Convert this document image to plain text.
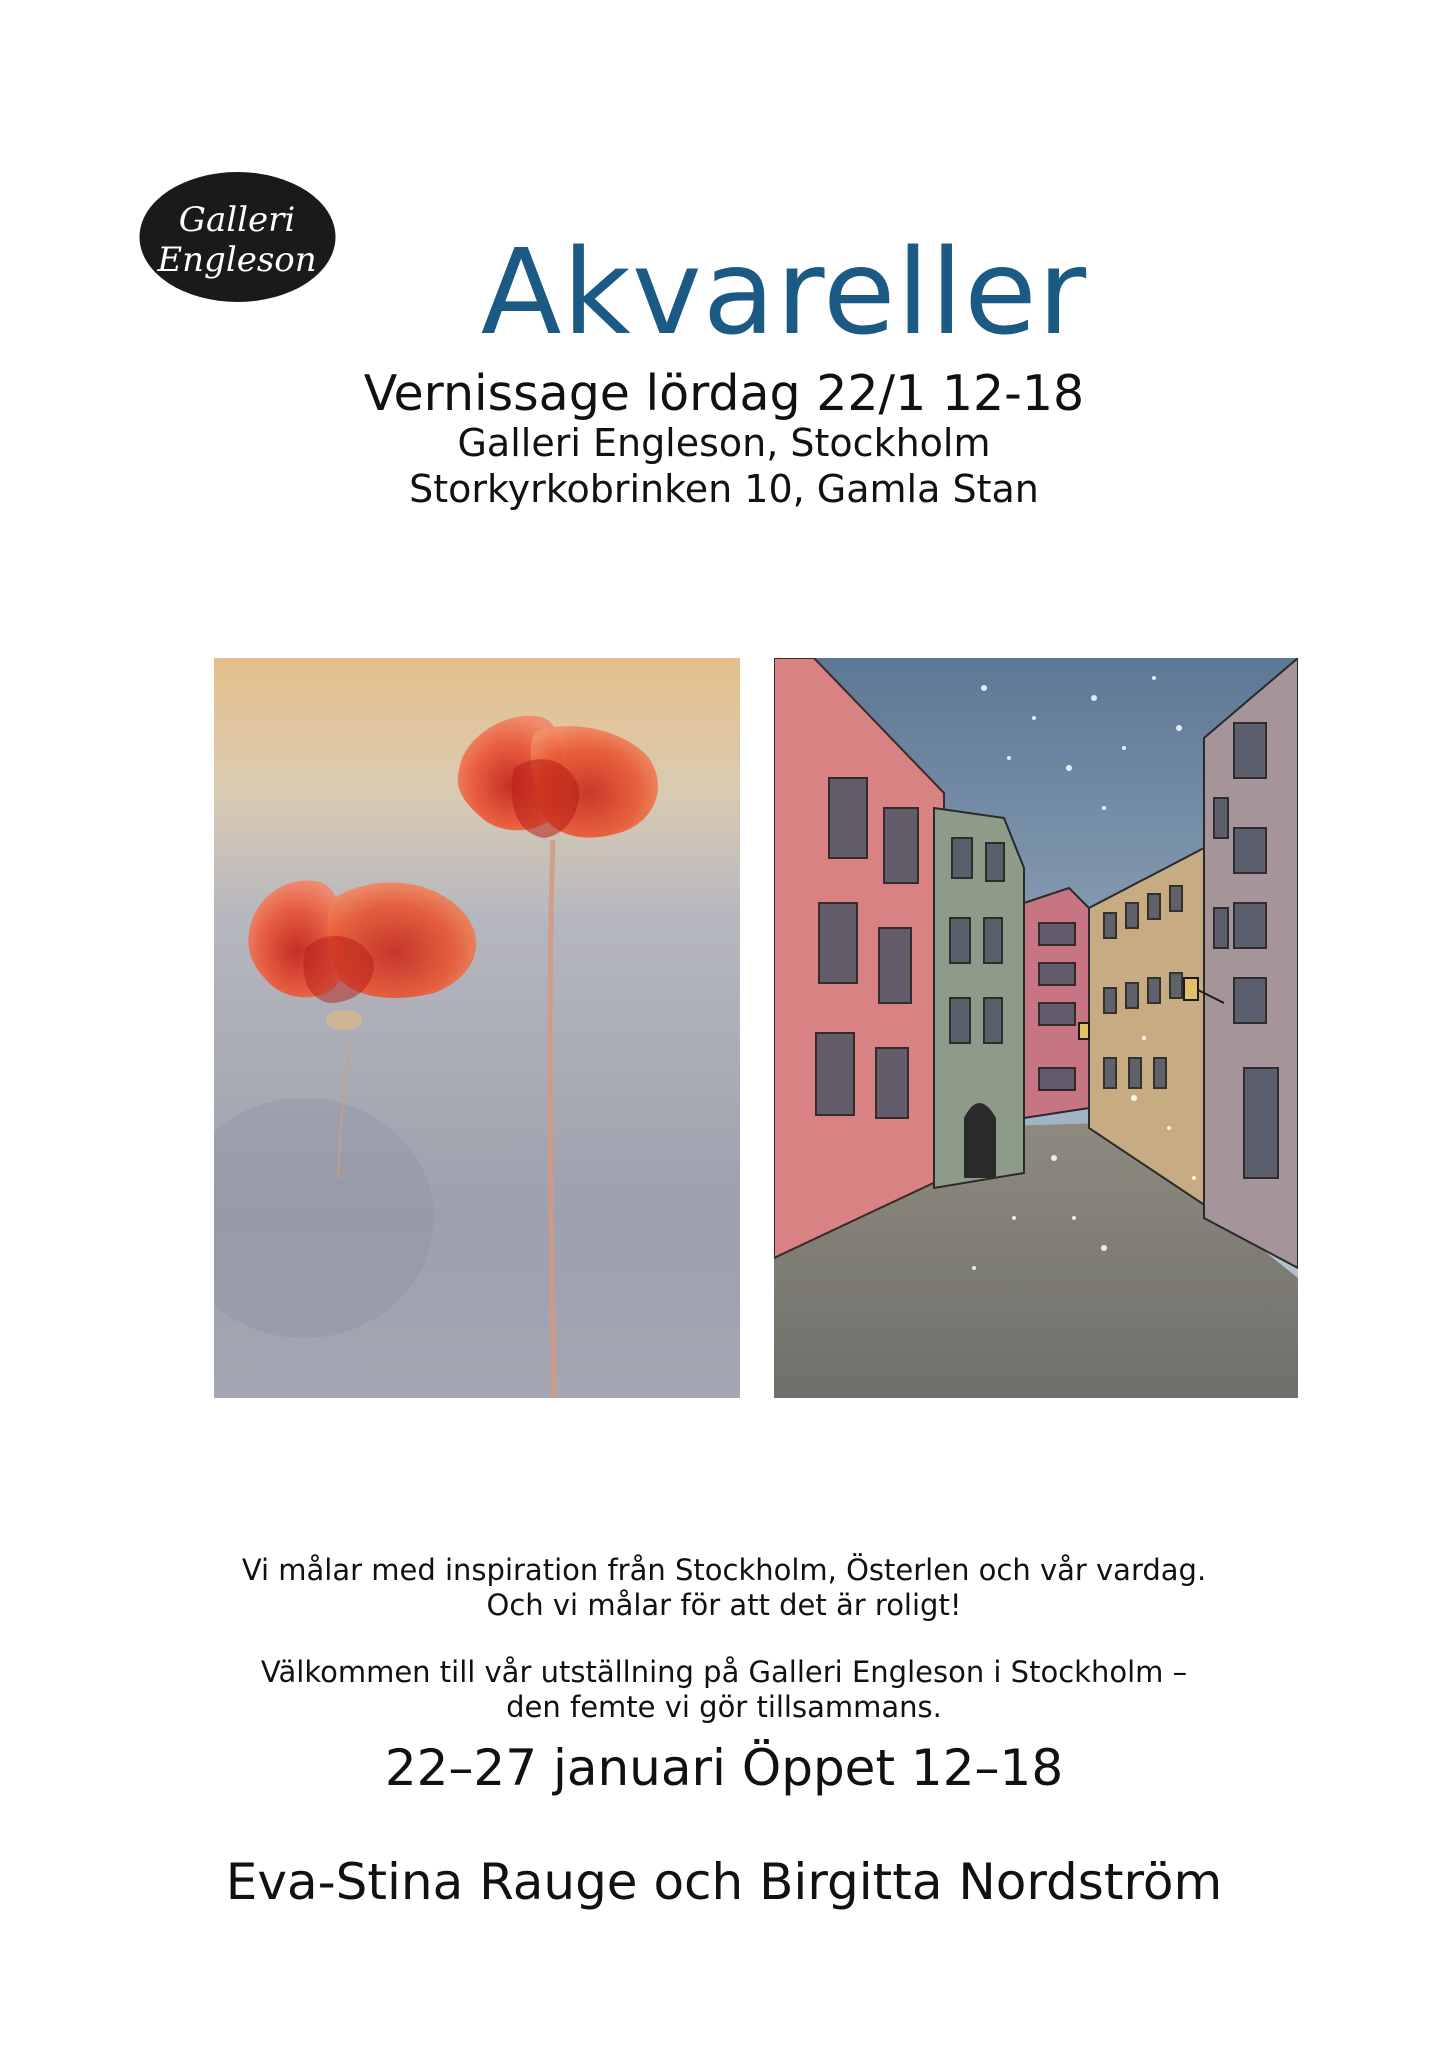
Galleri
Engleson	Akvareller
Vernissage lördag 22/1 12-18
Galleri Engleson, Stockholm
Storkyrkobrinken 10, Gamla Stan
Vi målar med inspiration från Stockholm, Österlen och vår vardag.
Och vi målar för att det är roligt!
Välkommen till vår utställning på Galleri Engleson i Stockholm –
den femte vi gör tillsammans.
22–27 januari Öppet 12–18
Eva-Stina Rauge och Birgitta Nordström
